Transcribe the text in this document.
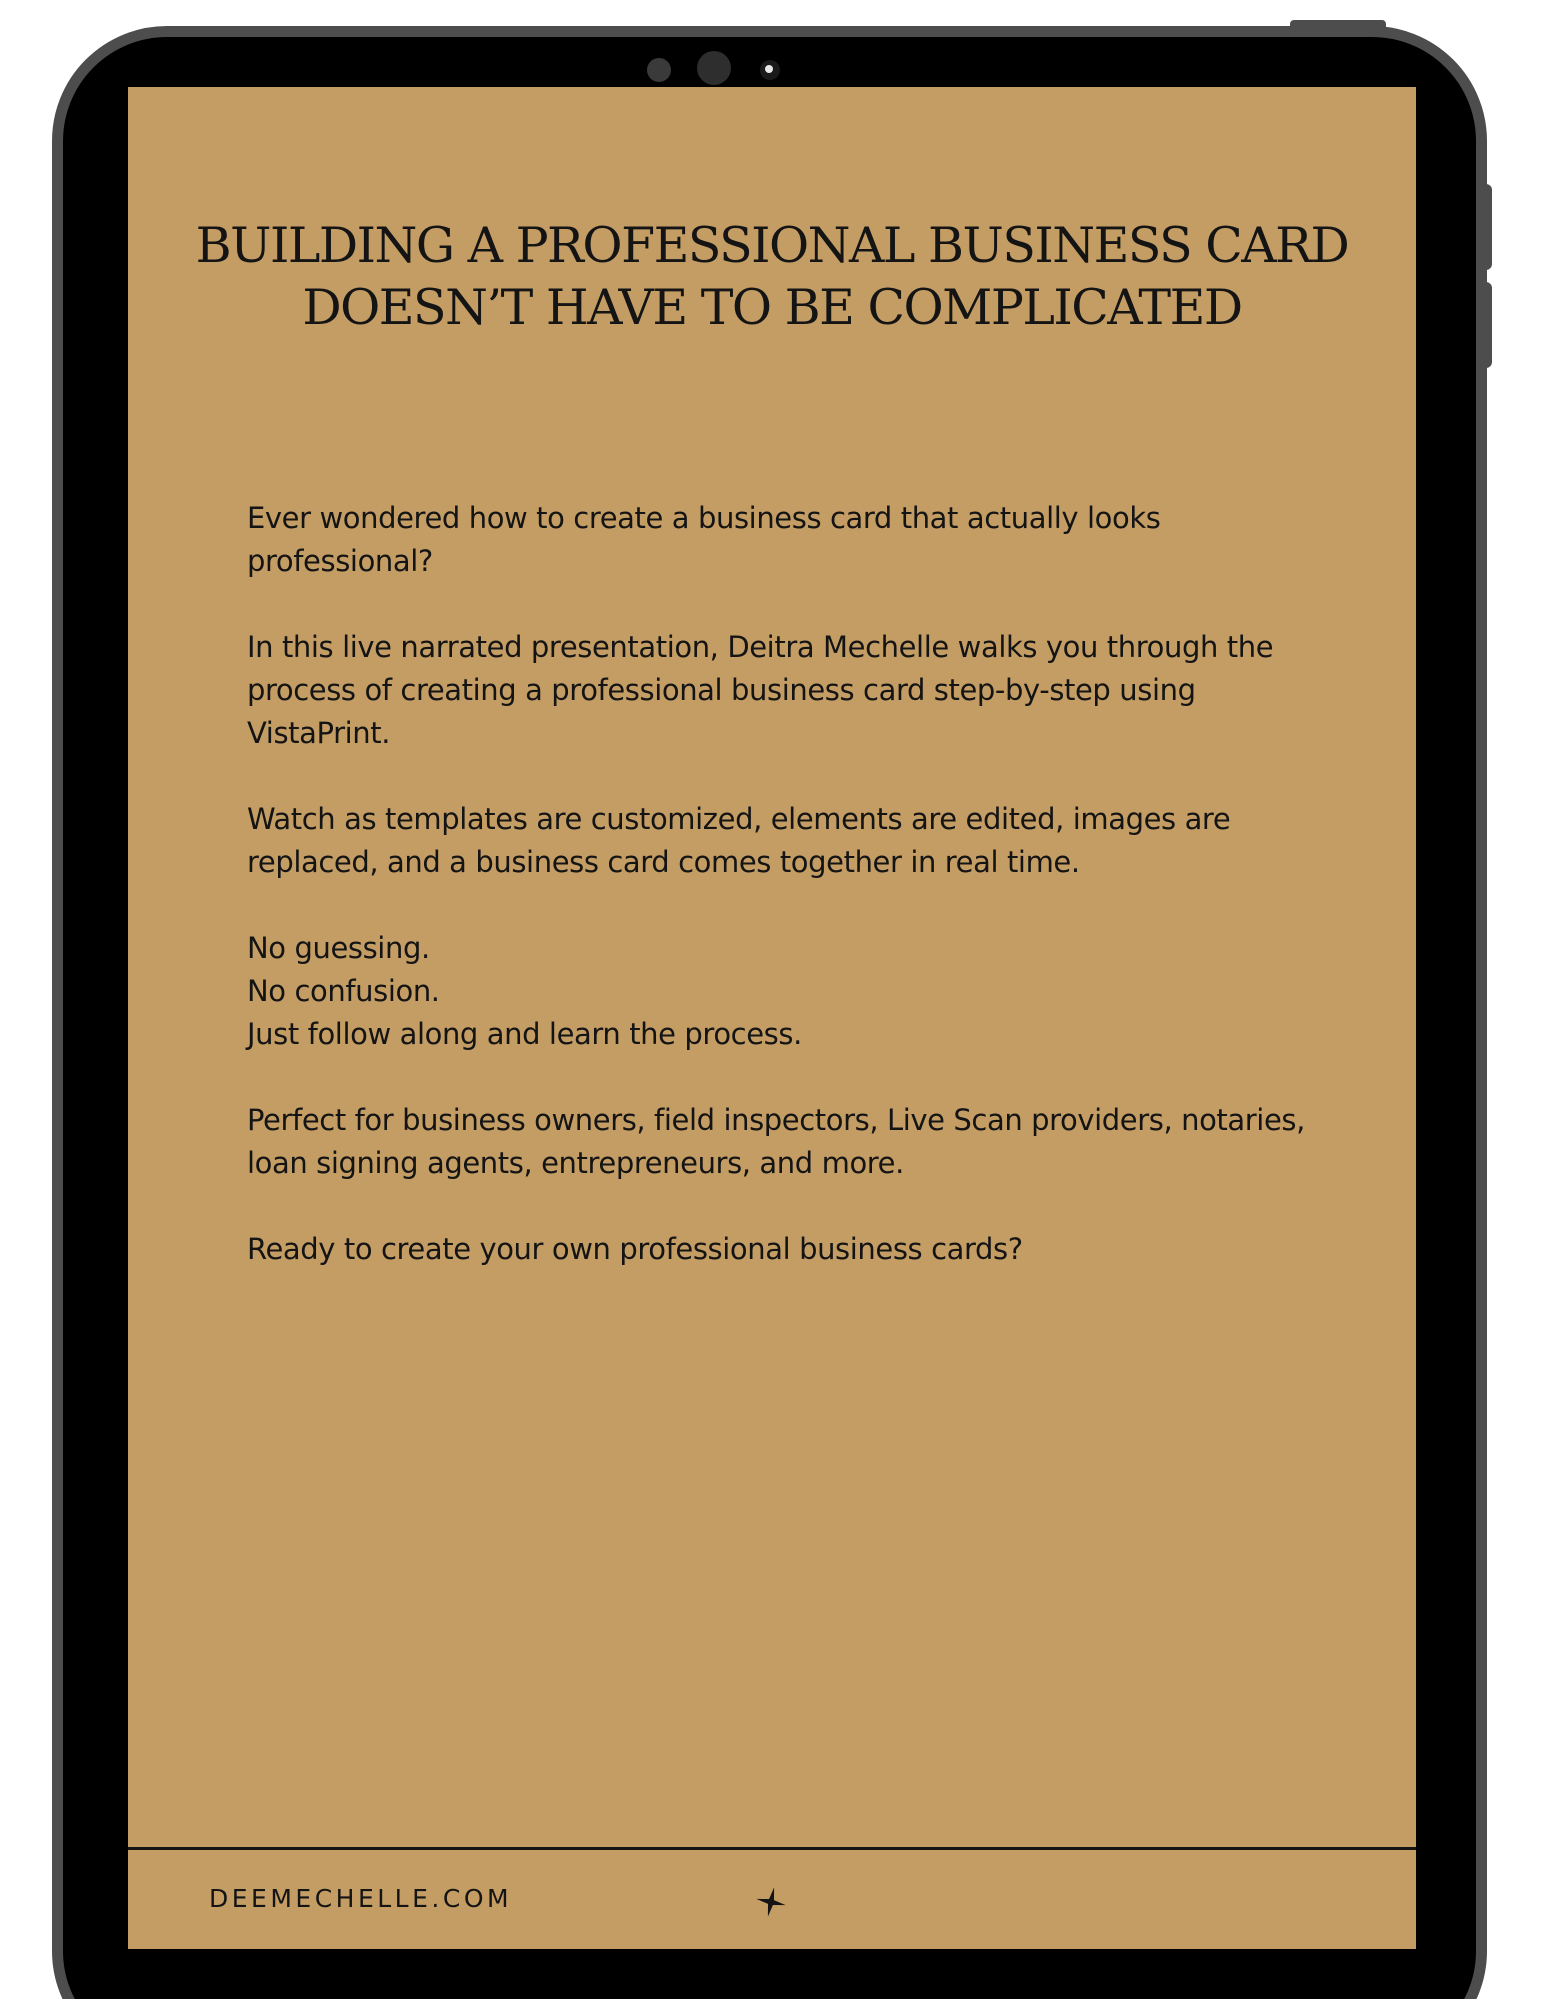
BUILDING A PROFESSIONAL BUSINESS CARD
DOESN’T HAVE TO BE COMPLICATED

Ever wondered how to create a business card that actually looks professional?

In this live narrated presentation, Deitra Mechelle walks you through the process of creating a professional business card step-by-step using VistaPrint.

Watch as templates are customized, elements are edited, images are replaced, and a business card comes together in real time.

No guessing.

No confusion.

Just follow along and learn the process.

Perfect for business owners, field inspectors, Live Scan providers, notaries, loan signing agents, entrepreneurs, and more.

Ready to create your own professional business cards?

DEEMECHELLE.COM
